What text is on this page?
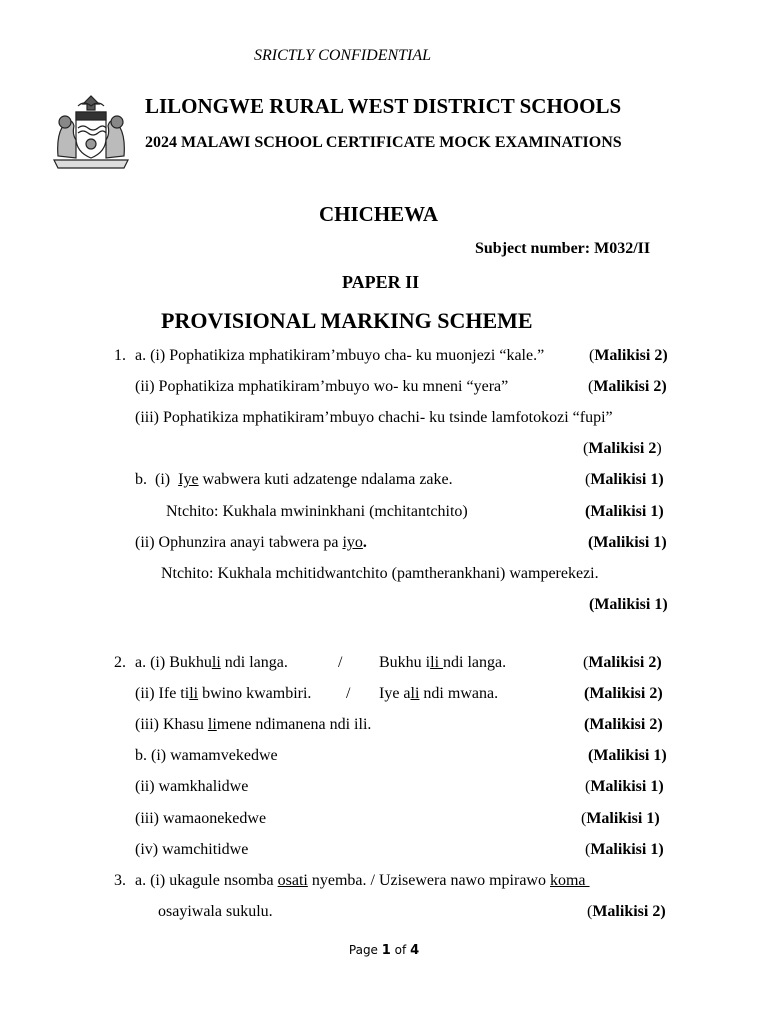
SRICTLY CONFIDENTIAL
LILONGWE RURAL WEST DISTRICT SCHOOLS
2024 MALAWI SCHOOL CERTIFICATE MOCK EXAMINATIONS
CHICHEWA
Subject number: M032/II
PAPER II
PROVISIONAL MARKING SCHEME
1. a. (i) Pophatikiza mphatikiram’mbuyo cha- ku muonjezi “kale.”	(Malikisi 2)
(ii) Pophatikiza mphatikiram’mbuyo wo- ku mneni “yera”	(Malikisi 2)
(iii) Pophatikiza mphatikiram’mbuyo chachi- ku tsinde lamfotokozi “fupi”
(Malikisi 2)
b.  (i)  Iye wabwera kuti adzatenge ndalama zake.	(Malikisi 1)
Ntchito: Kukhala mwininkhani (mchitantchito)	(Malikisi 1)
(ii) Ophunzira anayi tabwera pa iyo.	(Malikisi 1)
Ntchito: Kukhala mchitidwantchito (pamtherankhani) wamperekezi.
(Malikisi 1)
2. a. (i) Bukhuli ndi langa.	/ Bukhu ili ndi langa.	(Malikisi 2)
(ii) Ife tili bwino kwambiri. / Iye ali ndi mwana.	(Malikisi 2)
(iii) Khasu limene ndimanena ndi ili.	(Malikisi 2)
b. (i) wamamvekedwe	(Malikisi 1)
(ii) wamkhalidwe	(Malikisi 1)
(iii) wamaonekedwe	(Malikisi 1)
(iv) wamchitidwe	(Malikisi 1)
3. a. (i) ukagule nsomba osati nyemba. / Uzisewera nawo mpirawo koma
osayiwala sukulu.	(Malikisi 2)
Page 1 of 4
